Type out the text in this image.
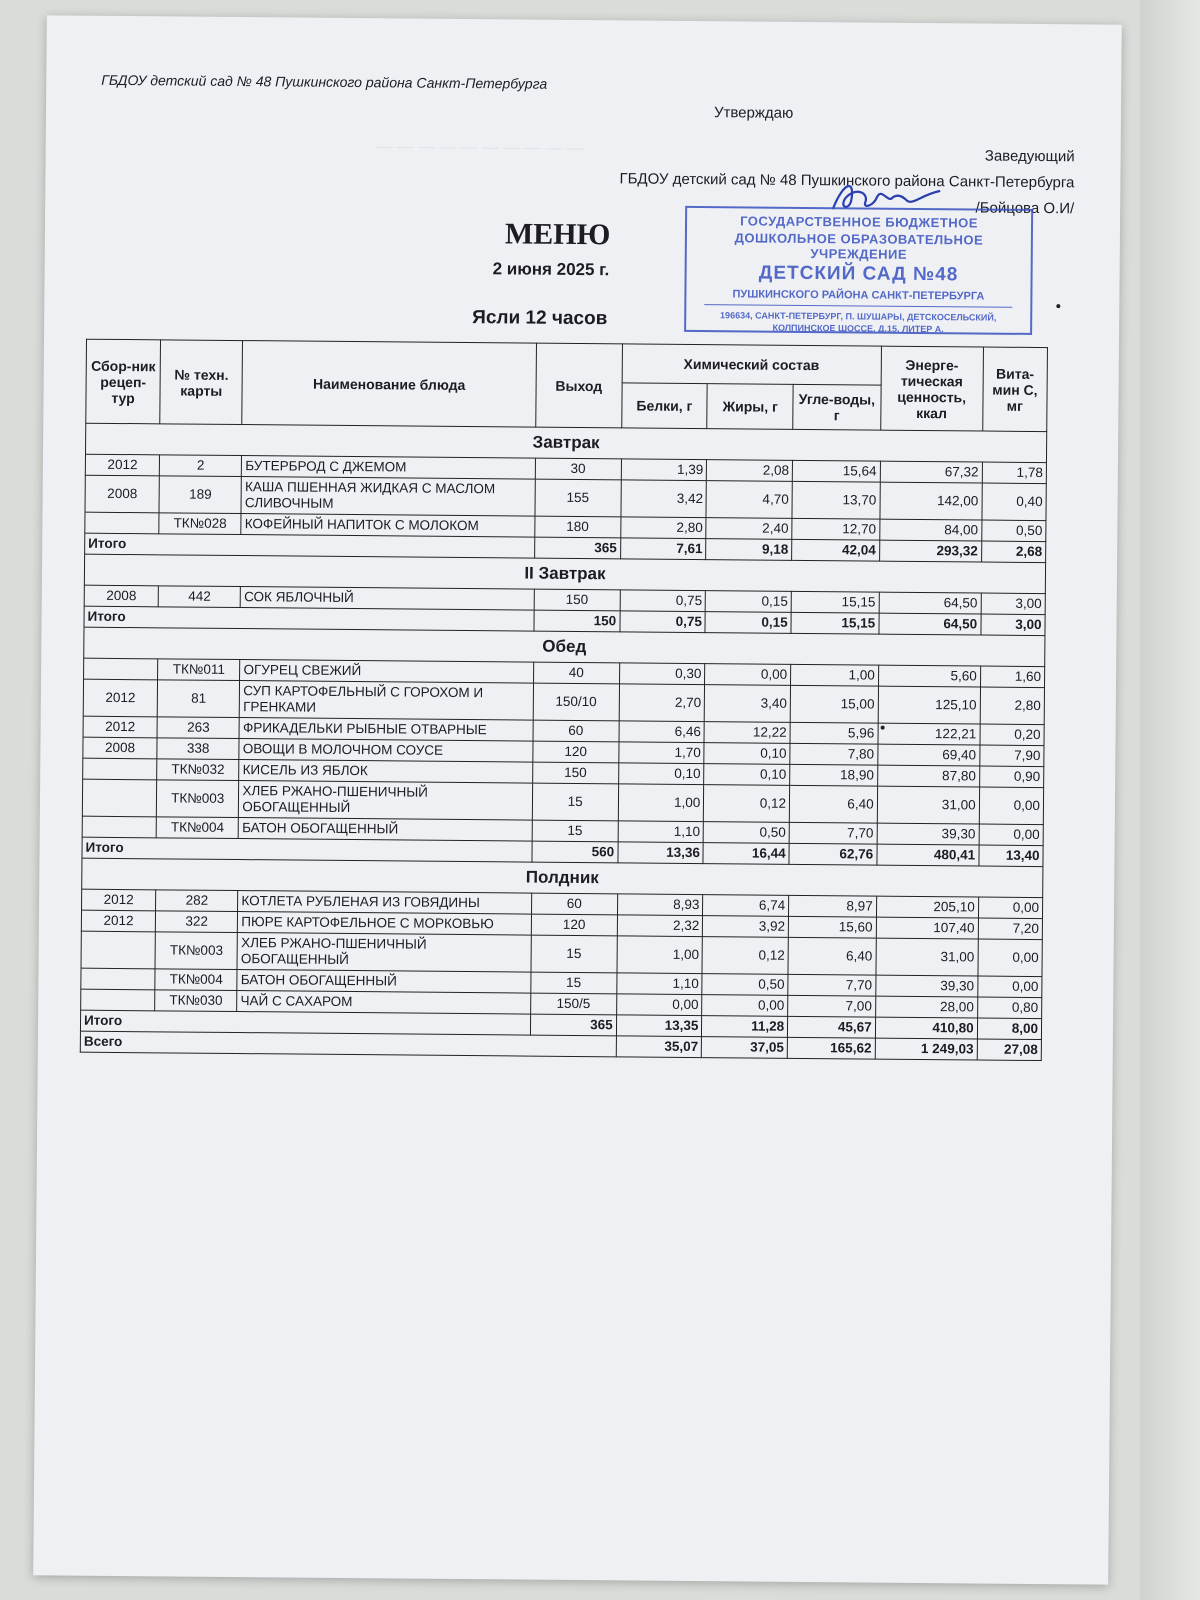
— — — — — — — — — —
ГБДОУ детский сад № 48 Пушкинского района Санкт-Петербурга
Утверждаю
Заведующий
ГБДОУ детский сад № 48 Пушкинского района Санкт-Петербурга
/Бойцова О.И/
ГОСУДАРСТВЕННОЕ БЮДЖЕТНОЕ
ДОШКОЛЬНОЕ ОБРАЗОВАТЕЛЬНОЕ УЧРЕЖДЕНИЕ
ДЕТСКИЙ САД №48
ПУШКИНСКОГО РАЙОНА САНКТ-ПЕТЕРБУРГА
196634, САНКТ-ПЕТЕРБУРГ, П. ШУШАРЫ, ДЕТСКОСЕЛЬСКИЙ, КОЛПИНСКОЕ ШОССЕ, Д.15, ЛИТЕР А.
МЕНЮ
2 июня 2025 г.
Ясли 12 часов
Сбор-ник рецеп-тур	№ техн. карты	Наименование блюда	Выход	Химический состав			Энерге-тическая ценность, ккал	Вита-мин С, мг
				Белки, г	Жиры, г	Угле-воды, г		
Завтрак								
2012	2	БУТЕРБРОД С ДЖЕМОМ	30	1,39	2,08	15,64	67,32	1,78
2008	189	КАША ПШЕННАЯ ЖИДКАЯ С МАСЛОМ СЛИВОЧНЫМ	155	3,42	4,70	13,70	142,00	0,40
	ТК№028	КОФЕЙНЫЙ НАПИТОК С МОЛОКОМ	180	2,80	2,40	12,70	84,00	0,50
Итого			365	7,61	9,18	42,04	293,32	2,68
II Завтрак								
2008	442	СОК ЯБЛОЧНЫЙ	150	0,75	0,15	15,15	64,50	3,00
Итого			150	0,75	0,15	15,15	64,50	3,00
Обед								
	ТК№011	ОГУРЕЦ СВЕЖИЙ	40	0,30	0,00	1,00	5,60	1,60
2012	81	СУП КАРТОФЕЛЬНЫЙ С ГОРОХОМ И ГРЕНКАМИ	150/10	2,70	3,40	15,00	125,10	2,80
2012	263	ФРИКАДЕЛЬКИ РЫБНЫЕ ОТВАРНЫЕ	60	6,46	12,22	5,96	122,21	0,20
2008	338	ОВОЩИ В МОЛОЧНОМ СОУСЕ	120	1,70	0,10	7,80	69,40	7,90
	ТК№032	КИСЕЛЬ ИЗ ЯБЛОК	150	0,10	0,10	18,90	87,80	0,90
	ТК№003	ХЛЕБ РЖАНО-ПШЕНИЧНЫЙ ОБОГАЩЕННЫЙ	15	1,00	0,12	6,40	31,00	0,00
	ТК№004	БАТОН ОБОГАЩЕННЫЙ	15	1,10	0,50	7,70	39,30	0,00
Итого			560	13,36	16,44	62,76	480,41	13,40
Полдник								
2012	282	КОТЛЕТА РУБЛЕНАЯ ИЗ ГОВЯДИНЫ	60	8,93	6,74	8,97	205,10	0,00
2012	322	ПЮРЕ КАРТОФЕЛЬНОЕ С МОРКОВЬЮ	120	2,32	3,92	15,60	107,40	7,20
	ТК№003	ХЛЕБ РЖАНО-ПШЕНИЧНЫЙ ОБОГАЩЕННЫЙ	15	1,00	0,12	6,40	31,00	0,00
	ТК№004	БАТОН ОБОГАЩЕННЫЙ	15	1,10	0,50	7,70	39,30	0,00
	ТК№030	ЧАЙ С САХАРОМ	150/5	0,00	0,00	7,00	28,00	0,80
Итого			365	13,35	11,28	45,67	410,80	8,00
Всего				35,07	37,05	165,62	1 249,03	27,08
